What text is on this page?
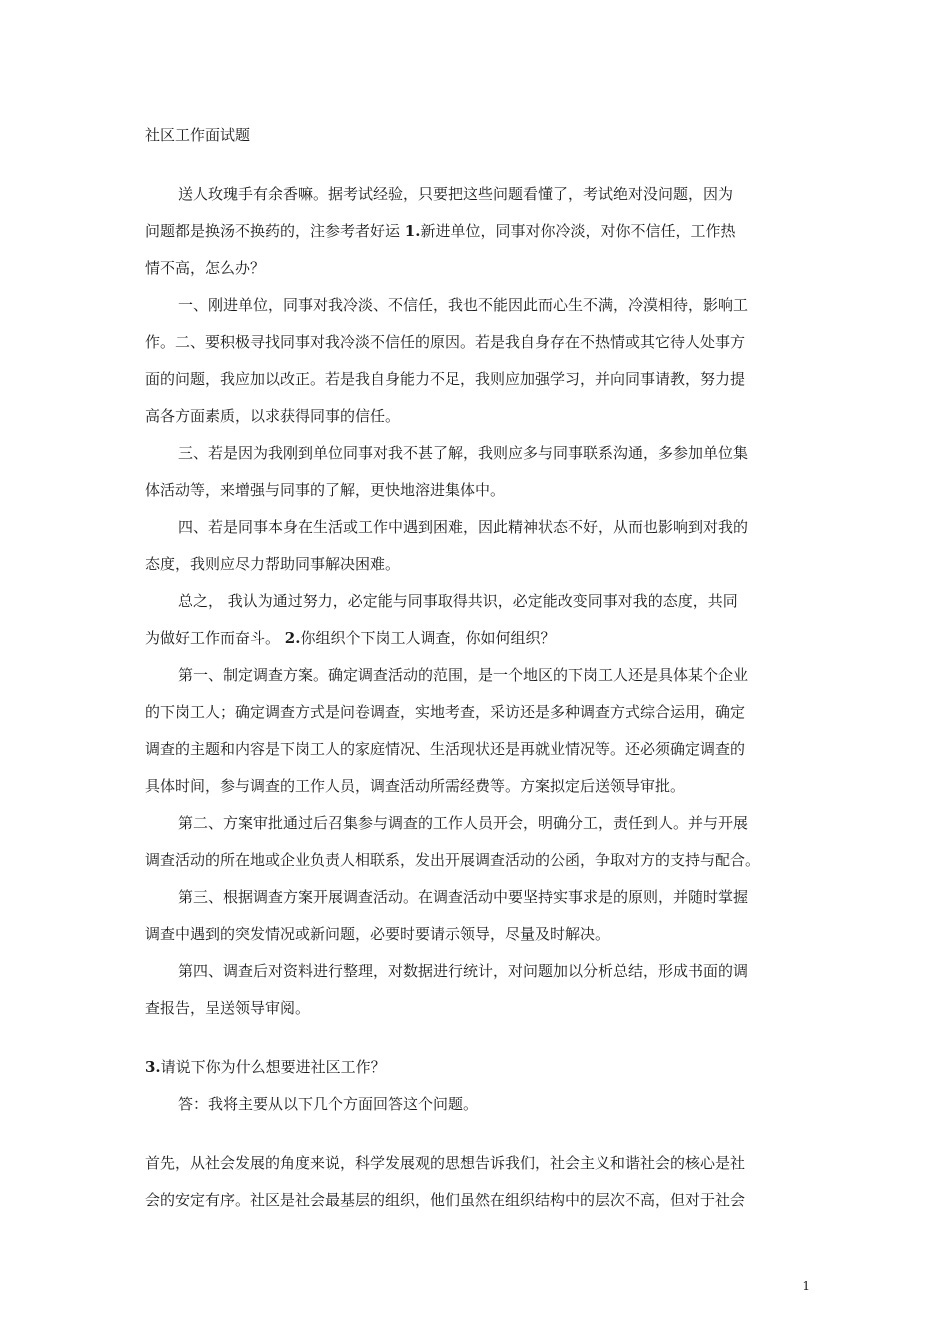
社区工作面试题
送人玫瑰手有余香嘛。据考试经验，只要把这些问题看懂了，考试绝对没问题，因为
问题都是换汤不换药的，注参考者好运 1.新进单位，同事对你冷淡，对你不信任，工作热
情不高，怎么办？
一、刚进单位，同事对我冷淡、不信任，我也不能因此而心生不满，冷漠相待，影响工
作。二、要积极寻找同事对我冷淡不信任的原因。若是我自身存在不热情或其它待人处事方
面的问题，我应加以改正。若是我自身能力不足，我则应加强学习，并向同事请教，努力提
高各方面素质，以求获得同事的信任。
三、若是因为我刚到单位同事对我不甚了解，我则应多与同事联系沟通，多参加单位集
体活动等，来增强与同事的了解，更快地溶进集体中。
四、若是同事本身在生活或工作中遇到困难，因此精神状态不好，从而也影响到对我的
态度，我则应尽力帮助同事解决困难。
总之， 我认为通过努力，必定能与同事取得共识，必定能改变同事对我的态度，共同
为做好工作而奋斗。 2.你组织个下岗工人调查，你如何组织？
第一、制定调查方案。确定调查活动的范围，是一个地区的下岗工人还是具体某个企业
的下岗工人；确定调查方式是问卷调查，实地考查，采访还是多种调查方式综合运用，确定
调查的主题和内容是下岗工人的家庭情况、生活现状还是再就业情况等。还必须确定调查的
具体时间，参与调查的工作人员，调查活动所需经费等。方案拟定后送领导审批。
第二、方案审批通过后召集参与调查的工作人员开会，明确分工，责任到人。并与开展
调查活动的所在地或企业负责人相联系，发出开展调查活动的公函，争取对方的支持与配合。
第三、根据调查方案开展调查活动。在调查活动中要坚持实事求是的原则，并随时掌握
调查中遇到的突发情况或新问题，必要时要请示领导，尽量及时解决。
第四、调查后对资料进行整理，对数据进行统计，对问题加以分析总结，形成书面的调
查报告，呈送领导审阅。
3.请说下你为什么想要进社区工作？
答：我将主要从以下几个方面回答这个问题。
首先，从社会发展的角度来说，科学发展观的思想告诉我们，社会主义和谐社会的核心是社
会的安定有序。社区是社会最基层的组织，他们虽然在组织结构中的层次不高，但对于社会
1
